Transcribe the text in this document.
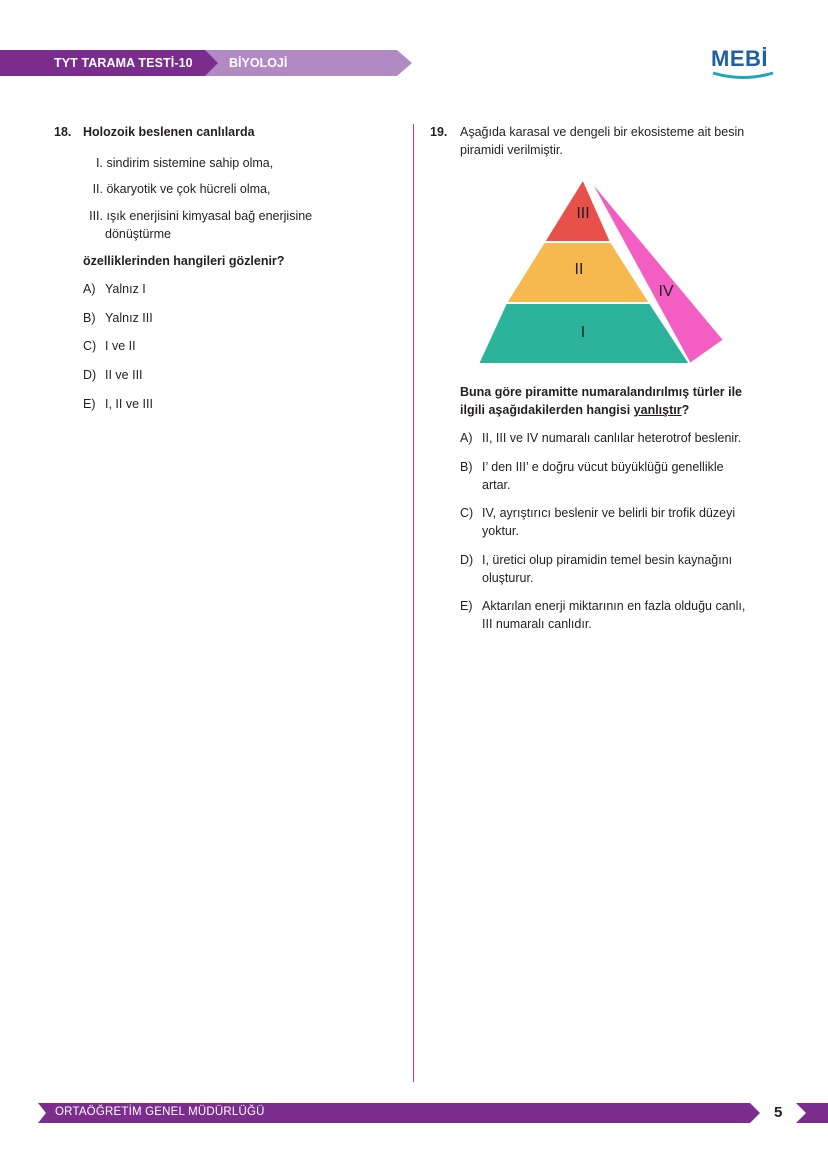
TYT TARAMA TESTİ-10	BİYOLOJİ	MEBİ
18. Holozoik beslenen canlılarda
I. sindirim sistemine sahip olma,
II. ökaryotik ve çok hücreli olma,
III. ışık enerjisini kimyasal bağ enerjisine
dönüştürme
özelliklerinden hangileri gözlenir?
A) Yalnız I
B) Yalnız III
C) I ve II
D) II ve III
E) I, II ve III
19. Aşağıda karasal ve dengeli bir ekosisteme ait besin
piramidi verilmiştir.
I
II
III
IV
Buna göre piramitte numaralandırılmış türler ile
ilgili aşağıdakilerden hangisi yanlıştır?
A) II, III ve IV numaralı canlılar heterotrof beslenir.
B) I’ den III’ e doğru vücut büyüklüğü genellikle
artar.
C) IV, ayrıştırıcı beslenir ve belirli bir trofik düzeyi
yoktur.
D) I, üretici olup piramidin temel besin kaynağını
oluşturur.
E) Aktarılan enerji miktarının en fazla olduğu canlı,
III numaralı canlıdır.
ORTAÖĞRETİM GENEL MÜDÜRLÜĞÜ	5
